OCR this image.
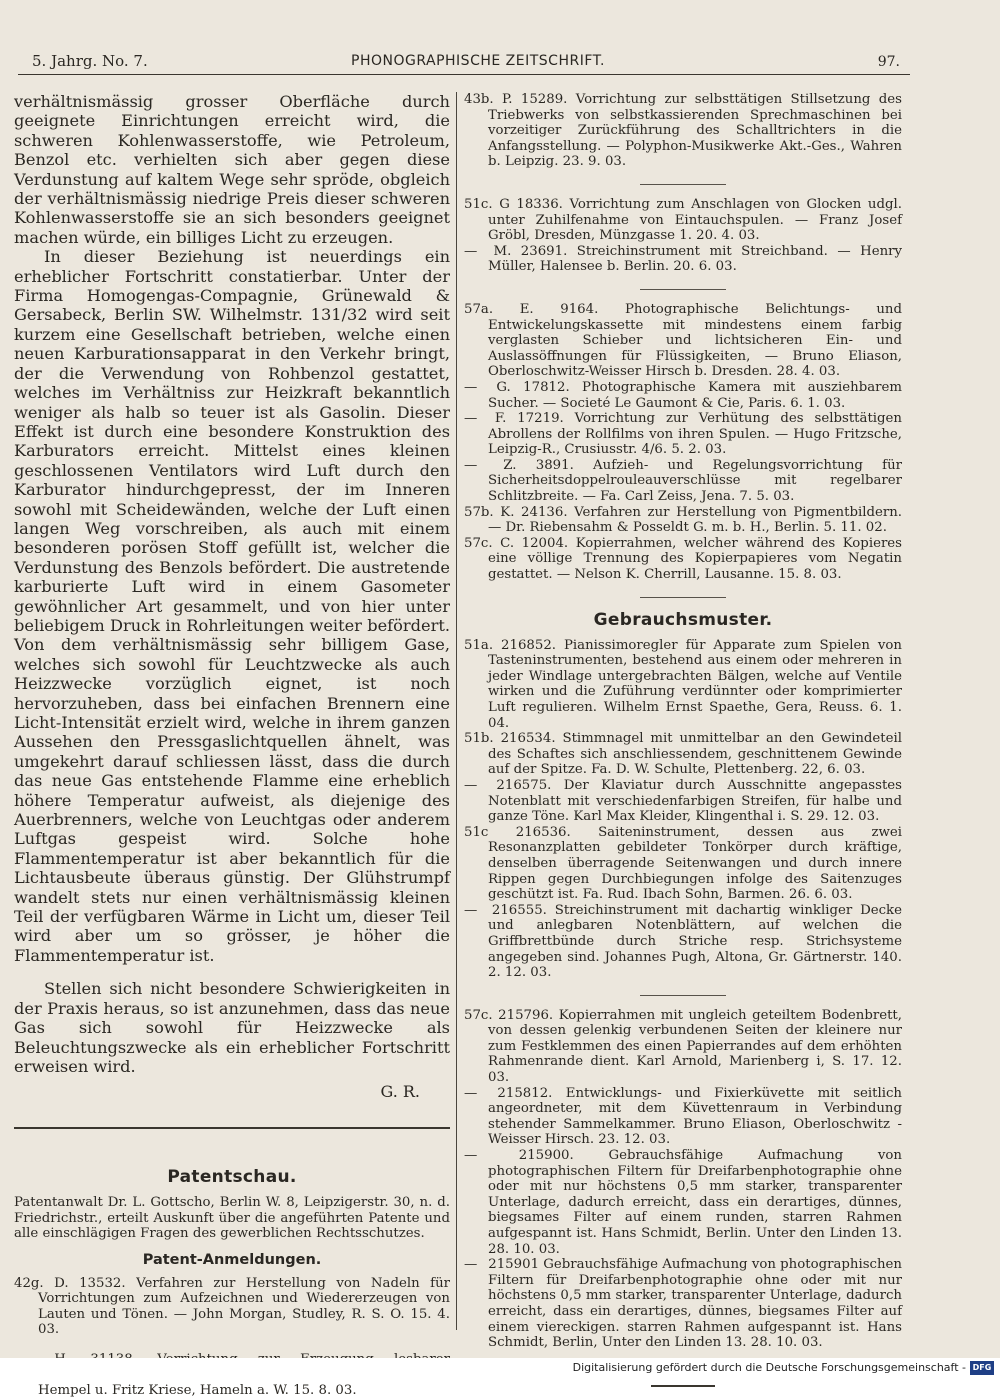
5. Jahrg. No. 7.	PHONOGRAPHISCHE ZEITSCHRIFT.	97.

verhältnismässig grosser Oberfläche durch geeignete Einrichtungen erreicht wird, die schweren Kohlenwasserstoffe, wie Petroleum, Benzol etc. verhielten sich aber gegen diese Verdunstung auf kaltem Wege sehr spröde, obgleich der verhältnismässig niedrige Preis dieser schweren Kohlenwasserstoffe sie an sich besonders geeignet machen würde, ein billiges Licht zu erzeugen.

In dieser Beziehung ist neuerdings ein erheblicher Fortschritt constatierbar. Unter der Firma Homogengas-Compagnie, Grünewald & Gersabeck, Berlin SW. Wilhelmstr. 131/32 wird seit kurzem eine Gesellschaft betrieben, welche einen neuen Karburationsapparat in den Verkehr bringt, der die Verwendung von Rohbenzol gestattet, welches im Verhältniss zur Heizkraft bekanntlich weniger als halb so teuer ist als Gasolin. Dieser Effekt ist durch eine besondere Konstruktion des Karburators erreicht. Mittelst eines kleinen geschlossenen Ventilators wird Luft durch den Karburator hindurchgepresst, der im Inneren sowohl mit Scheidewänden, welche der Luft einen langen Weg vorschreiben, als auch mit einem besonderen porösen Stoff gefüllt ist, welcher die Verdunstung des Benzols befördert. Die austretende karburierte Luft wird in einem Gasometer gewöhnlicher Art gesammelt, und von hier unter beliebigem Druck in Rohrleitungen weiter befördert. Von dem verhältnismässig sehr billigem Gase, welches sich sowohl für Leuchtzwecke als auch Heizzwecke vorzüglich eignet, ist noch hervorzuheben, dass bei einfachen Brennern eine Licht-Intensität erzielt wird, welche in ihrem ganzen Aussehen den Pressgaslichtquellen ähnelt, was umgekehrt darauf schliessen lässt, dass die durch das neue Gas entstehende Flamme eine erheblich höhere Temperatur aufweist, als diejenige des Auerbrenners, welche von Leuchtgas oder anderem Luftgas gespeist wird. Solche hohe Flammentemperatur ist aber bekanntlich für die Lichtausbeute überaus günstig. Der Glühstrumpf wandelt stets nur einen verhältnismässig kleinen Teil der verfügbaren Wärme in Licht um, dieser Teil wird aber um so grösser, je höher die Flammentemperatur ist.

Stellen sich nicht besondere Schwierigkeiten in der Praxis heraus, so ist anzunehmen, dass das neue Gas sich sowohl für Heizzwecke als Beleuchtungszwecke als ein erheblicher Fortschritt erweisen wird.

G. R.
Patentschau.

Patentanwalt Dr. L. Gottscho, Berlin W. 8, Leipzigerstr. 30, n. d. Friedrichstr., erteilt Auskunft über die angeführten Patente und alle einschlägigen Fragen des gewerblichen Rechtsschutzes.

Patent-Anmeldungen.

42g. D. 13532. Verfahren zur Herstellung von Nadeln für Vorrichtungen zum Aufzeichnen und Wiedererzeugen von Lauten und Tönen. — John Morgan, Studley, R. S. O. 15. 4. 03.

Hempel u. Fritz Kriese, Hameln a. W. 15. 8. 03.

43b. P. 15289. Vorrichtung zur selbsttätigen Stillsetzung des Triebwerks von selbstkassierenden Sprechmaschinen bei vorzeitiger Zurückführung des Schalltrichters in die Anfangsstellung. — Polyphon-Musikwerke Akt.-Ges., Wahren b. Leipzig. 23. 9. 03.

51c. G 18336. Vorrichtung zum Anschlagen von Glocken udgl. unter Zuhilfenahme von Eintauchspulen. — Franz Josef Gröbl, Dresden, Münzgasse 1. 20. 4. 03.

— M. 23691. Streichinstrument mit Streichband. — Henry Müller, Halensee b. Berlin. 20. 6. 03.

57a. E. 9164. Photographische Belichtungs- und Entwickelungskassette mit mindestens einem farbig verglasten Schieber und lichtsicheren Ein- und Auslassöffnungen für Flüssigkeiten, — Bruno Eliason, Oberloschwitz-Weisser Hirsch b. Dresden. 28. 4. 03.

— G. 17812. Photographische Kamera mit ausziehbarem Sucher. — Societé Le Gaumont & Cie, Paris. 6. 1. 03.

— F. 17219. Vorrichtung zur Verhütung des selbsttätigen Abrollens der Rollfilms von ihren Spulen. — Hugo Fritzsche, Leipzig-R., Crusiusstr. 4/6. 5. 2. 03.

— Z. 3891. Aufzieh- und Regelungsvorrichtung für Sicherheitsdoppelrouleauverschlüsse mit regelbarer Schlitzbreite. — Fa. Carl Zeiss, Jena. 7. 5. 03.

57b. K. 24136. Verfahren zur Herstellung von Pigmentbildern. — Dr. Riebensahm & Posseldt G. m. b. H., Berlin. 5. 11. 02.

57c. C. 12004. Kopierrahmen, welcher während des Kopieres eine völlige Trennung des Kopierpapieres vom Negatin gestattet. — Nelson K. Cherrill, Lausanne. 15. 8. 03.

Gebrauchsmuster.

51a. 216852. Pianissimoregler für Apparate zum Spielen von Tasteninstrumenten, bestehend aus einem oder mehreren in jeder Windlage untergebrachten Bälgen, welche auf Ventile wirken und die Zuführung verdünnter oder komprimierter Luft regulieren. Wilhelm Ernst Spaethe, Gera, Reuss. 6. 1. 04.

51b. 216534. Stimmnagel mit unmittelbar an den Gewindeteil des Schaftes sich anschliessendem, geschnittenem Gewinde auf der Spitze. Fa. D. W. Schulte, Plettenberg. 22, 6. 03.

— 216575. Der Klaviatur durch Ausschnitte angepasstes Notenblatt mit verschiedenfarbigen Streifen, für halbe und ganze Töne. Karl Max Kleider, Klingenthal i. S. 29. 12. 03.

51c 216536. Saiteninstrument, dessen aus zwei Resonanzplatten gebildeter Tonkörper durch kräftige, denselben überragende Seitenwangen und durch innere Rippen gegen Durchbiegungen infolge des Saitenzuges geschützt ist. Fa. Rud. Ibach Sohn, Barmen. 26. 6. 03.

— 216555. Streichinstrument mit dachartig winkliger Decke und anlegbaren Notenblättern, auf welchen die Griffbrettbünde durch Striche resp. Strichsysteme angegeben sind. Johannes Pugh, Altona, Gr. Gärtnerstr. 140. 2. 12. 03.

57c. 215796. Kopierrahmen mit ungleich geteiltem Bodenbrett, von dessen gelenkig verbundenen Seiten der kleinere nur zum Festklemmen des einen Papierrandes auf dem erhöhten Rahmenrande dient. Karl Arnold, Marienberg i, S. 17. 12. 03.

— 215812. Entwicklungs- und Fixierküvette mit seitlich angeordneter, mit dem Küvettenraum in Verbindung stehender Sammelkammer. Bruno Eliason, Oberloschwitz - Weisser Hirsch. 23. 12. 03.

—	215900. Gebrauchsfähige Aufmachung von photographischen Filtern für Dreifarbenphotographie ohne oder mit nur höchstens 0,5 mm starker, transparenter Unterlage, dadurch erreicht, dass ein derartiges, dünnes, biegsames Filter auf einem runden, starren Rahmen aufgespannt ist. Hans Schmidt, Berlin. Unter den Linden 13. 28. 10. 03.

— 215901 Gebrauchsfähige Aufmachung von photographischen Filtern für Dreifarbenphotographie ohne oder mit nur höchstens 0,5 mm starker, transparenter Unterlage, dadurch erreicht, dass ein derartiges, dünnes, biegsames Filter auf einem viereckigen. starren Rahmen aufgespannt ist. Hans Schmidt, Berlin, Unter den Linden 13. 28. 10. 03.

Digitalisierung gefördert durch die Deutsche Forschungsgemeinschaft - DFG
